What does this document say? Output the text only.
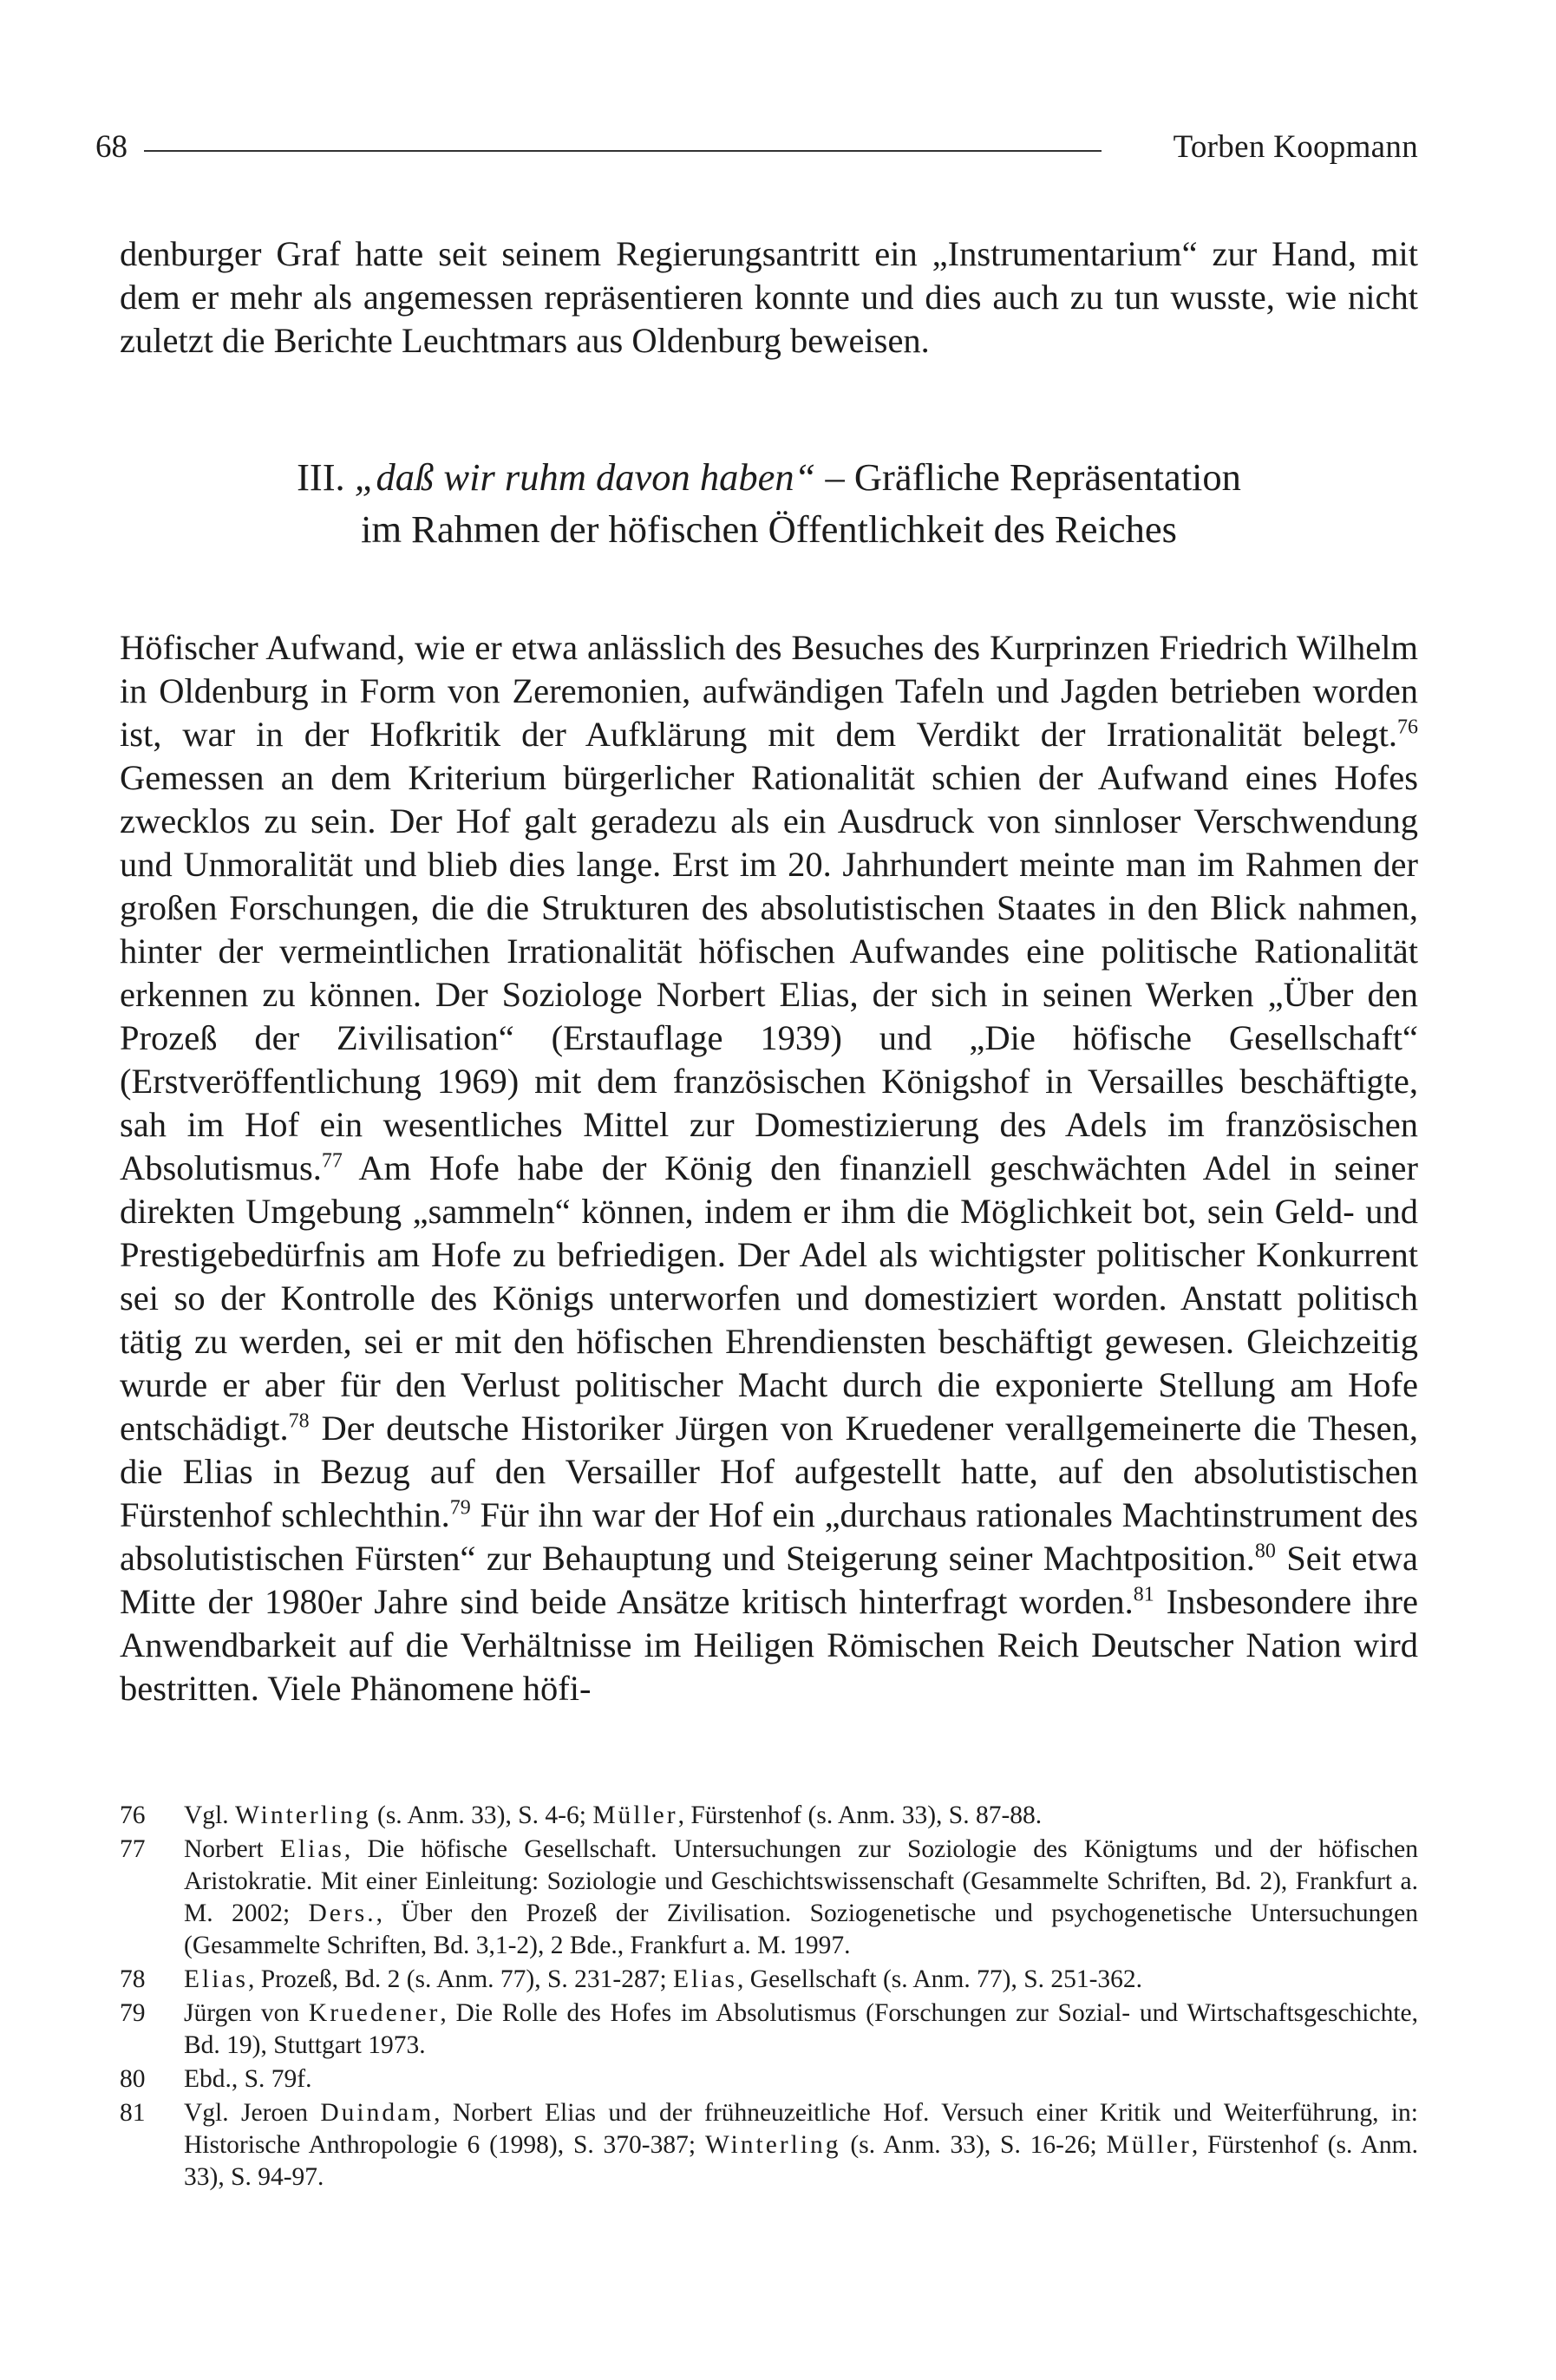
68	Torben Koopmann

denburger Graf hatte seit seinem Regierungsantritt ein „Instrumentarium“ zur Hand, mit dem er mehr als angemessen repräsentieren konnte und dies auch zu tun wusste, wie nicht zuletzt die Berichte Leuchtmars aus Oldenburg beweisen.

III. „daß wir ruhm davon haben“ – Gräfliche Repräsentation
im Rahmen der höfischen Öffentlichkeit des Reiches

Höfischer Aufwand, wie er etwa anlässlich des Besuches des Kurprinzen Friedrich Wilhelm in Oldenburg in Form von Zeremonien, aufwändigen Tafeln und Jagden betrieben worden ist, war in der Hofkritik der Aufklärung mit dem Verdikt der Irrationalität belegt.$^{76}$ Gemessen an dem Kriterium bürgerlicher Rationalität schien der Aufwand eines Hofes zwecklos zu sein. Der Hof galt geradezu als ein Ausdruck von sinnloser Verschwendung und Unmoralität und blieb dies lange. Erst im 20. Jahrhundert meinte man im Rahmen der großen Forschungen, die die Strukturen des absolutistischen Staates in den Blick nahmen, hinter der vermeintlichen Irrationalität höfischen Aufwandes eine politische Rationalität erkennen zu können. Der Soziologe Norbert Elias, der sich in seinen Werken „Über den Prozeß der Zivilisation“ (Erstauflage 1939) und „Die höfische Gesellschaft“ (Erstveröffentlichung 1969) mit dem französischen Königshof in Versailles beschäftigte, sah im Hof ein wesentliches Mittel zur Domestizierung des Adels im französischen Absolutismus.$^{77}$ Am Hofe habe der König den finanziell geschwächten Adel in seiner direkten Umgebung „sammeln“ können, indem er ihm die Möglichkeit bot, sein Geld- und Prestigebedürfnis am Hofe zu befriedigen. Der Adel als wichtigster politischer Konkurrent sei so der Kontrolle des Königs unterworfen und domestiziert worden. Anstatt politisch tätig zu werden, sei er mit den höfischen Ehrendiensten beschäftigt gewesen. Gleichzeitig wurde er aber für den Verlust politischer Macht durch die exponierte Stellung am Hofe entschädigt.$^{78}$ Der deutsche Historiker Jürgen von Kruedener verallgemeinerte die Thesen, die Elias in Bezug auf den Versailler Hof aufgestellt hatte, auf den absolutistischen Fürstenhof schlechthin.$^{79}$ Für ihn war der Hof ein „durchaus rationales Machtinstrument des absolutistischen Fürsten“ zur Behauptung und Steigerung seiner Machtposition.$^{80}$ Seit etwa Mitte der 1980er Jahre sind beide Ansätze kritisch hinterfragt worden.$^{81}$ Insbesondere ihre Anwendbarkeit auf die Verhältnisse im Heiligen Römischen Reich Deutscher Nation wird bestritten. Viele Phänomene höfi-

76 Vgl. Winterling (s. Anm. 33), S. 4-6; Müller, Fürstenhof (s. Anm. 33), S. 87-88.

77 Norbert Elias, Die höfische Gesellschaft. Untersuchungen zur Soziologie des Königtums und der höfischen Aristokratie. Mit einer Einleitung: Soziologie und Geschichtswissenschaft (Gesammelte Schriften, Bd. 2), Frankfurt a. M. 2002; Ders., Über den Prozeß der Zivilisation. Soziogenetische und psychogenetische Untersuchungen (Gesammelte Schriften, Bd. 3,1-2), 2 Bde., Frankfurt a. M. 1997.

78 Elias, Prozeß, Bd. 2 (s. Anm. 77), S. 231-287; Elias, Gesellschaft (s. Anm. 77), S. 251-362.

79 Jürgen von Kruedener, Die Rolle des Hofes im Absolutismus (Forschungen zur Sozial- und Wirtschaftsgeschichte, Bd. 19), Stuttgart 1973.

80 Ebd., S. 79f.

81 Vgl. Jeroen Duindam, Norbert Elias und der frühneuzeitliche Hof. Versuch einer Kritik und Weiterführung, in: Historische Anthropologie 6 (1998), S. 370-387; Winterling (s. Anm. 33), S. 16-26; Müller, Fürstenhof (s. Anm. 33), S. 94-97.
